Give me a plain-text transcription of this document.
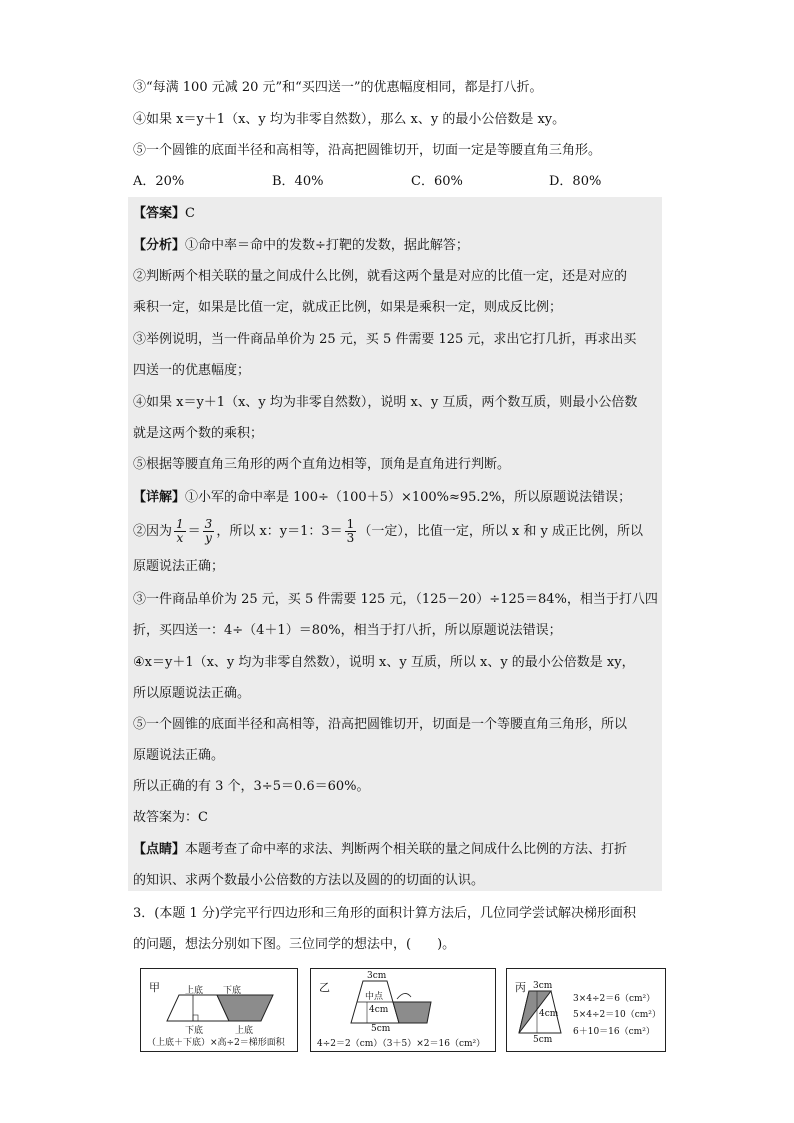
③“每满 100 元减 20 元”和“买四送一”的优惠幅度相同，都是打八折。
④如果 x＝y＋1（x、y 均为非零自然数），那么 x、y 的最小公倍数是 xy。
⑤一个圆锥的底面半径和高相等，沿高把圆锥切开，切面一定是等腰直角三角形。
A．20%	B．40%	C．60%	D．80%
【答案】C
【分析】①命中率＝命中的发数÷打靶的发数，据此解答；
②判断两个相关联的量之间成什么比例，就看这两个量是对应的比值一定，还是对应的
乘积一定，如果是比值一定，就成正比例，如果是乘积一定，则成反比例；
③举例说明，当一件商品单价为 25 元，买 5 件需要 125 元，求出它打几折，再求出买
四送一的优惠幅度；
④如果 x＝y＋1（x、y 均为非零自然数），说明 x、y 互质，两个数互质，则最小公倍数
就是这两个数的乘积；
⑤根据等腰直角三角形的两个直角边相等，顶角是直角进行判断。
【详解】①小军的命中率是 100÷（100＋5）×100%≈95.2%，所以原题说法错误；
②因为 $\frac{1}{x} = \frac{3}{y}$ ，所以 x：y＝1：$3= \frac{1}{3}$ （一定），比值一定，所以 x 和 y 成正比例，所以
原题说法正确；
③一件商品单价为 25 元，买 5 件需要 125 元，（125－20）÷125＝84%，相当于打八四
折，买四送一：4÷（4＋1）＝80%，相当于打八折，所以原题说法错误；
④x＝y＋1（x、y 均为非零自然数），说明 x、y 互质，所以 x、y 的最小公倍数是 xy，
所以原题说法正确。
⑤一个圆锥的底面半径和高相等，沿高把圆锥切开，切面是一个等腰直角三角形，所以
原题说法正确。
所以正确的有 3 个，3÷5＝0.6＝60%。
故答案为：C
【点睛】本题考查了命中率的求法、判断两个相关联的量之间成什么比例的方法、打折
的知识、求两个数最小公倍数的方法以及圆的的切面的认识。
3．(本题 1 分)学完平行四边形和三角形的面积计算方法后，几位同学尝试解决梯形面积
的问题，想法分别如下图。三位同学的想法中，(　　)。
甲	上底 下底
下底	上底
（上底＋下底）×高÷2＝梯形面积
乙
3cm
中点
4cm
5cm
4÷2＝2（cm）（3＋5）×2＝16（cm²）
丙 3cm
4cm
5cm
3×4÷2＝6（cm²）
5×4÷2＝10（cm²）
6＋10＝16（cm²）
